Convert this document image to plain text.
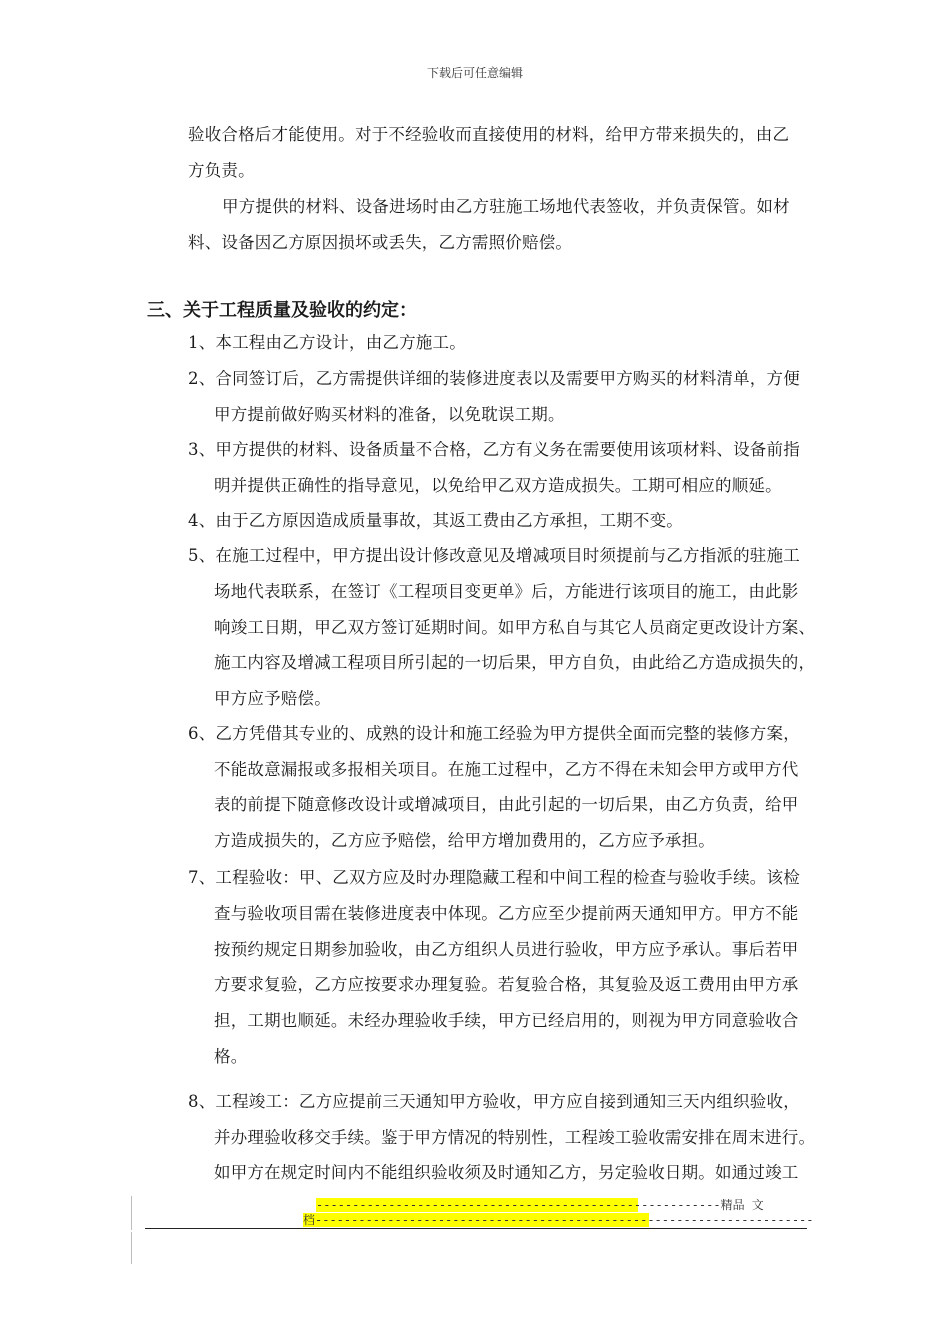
下载后可任意编辑
验收合格后才能使用。对于不经验收而直接使用的材料，给甲方带来损失的，由乙
方负责。
甲方提供的材料、设备进场时由乙方驻施工场地代表签收，并负责保管。如材
料、设备因乙方原因损坏或丢失，乙方需照价赔偿。
1、本工程由乙方设计，由乙方施工。
2、合同签订后，乙方需提供详细的装修进度表以及需要甲方购买的材料清单，方便
甲方提前做好购买材料的准备，以免耽误工期。
3、甲方提供的材料、设备质量不合格，乙方有义务在需要使用该项材料、设备前指
明并提供正确性的指导意见，以免给甲乙双方造成损失。工期可相应的顺延。
4、由于乙方原因造成质量事故，其返工费由乙方承担，工期不变。
5、在施工过程中，甲方提出设计修改意见及增减项目时须提前与乙方指派的驻施工
场地代表联系，在签订《工程项目变更单》后，方能进行该项目的施工，由此影
响竣工日期，甲乙双方签订延期时间。如甲方私自与其它人员商定更改设计方案、
施工内容及增减工程项目所引起的一切后果，甲方自负，由此给乙方造成损失的，
甲方应予赔偿。
6、乙方凭借其专业的、成熟的设计和施工经验为甲方提供全面而完整的装修方案，
不能故意漏报或多报相关项目。在施工过程中，乙方不得在未知会甲方或甲方代
表的前提下随意修改设计或增减项目，由此引起的一切后果，由乙方负责，给甲
方造成损失的，乙方应予赔偿，给甲方增加费用的，乙方应予承担。
7、工程验收：甲、乙双方应及时办理隐藏工程和中间工程的检查与验收手续。该检
查与验收项目需在装修进度表中体现。乙方应至少提前两天通知甲方。甲方不能
按预约规定日期参加验收，由乙方组织人员进行验收，甲方应予承认。事后若甲
方要求复验，乙方应按要求办理复验。若复验合格，其复验及返工费用由甲方承
担，工期也顺延。未经办理验收手续，甲方已经启用的，则视为甲方同意验收合
格。
8、工程竣工：乙方应提前三天通知甲方验收，甲方应自接到通知三天内组织验收，
并办理验收移交手续。鉴于甲方情况的特别性，工程竣工验收需安排在周末进行。
如甲方在规定时间内不能组织验收须及时通知乙方，另定验收日期。如通过竣工
三、关于工程质量及验收的约定：
--------------------------------------------------------精品 文
档---------------------------------------------------------------------
